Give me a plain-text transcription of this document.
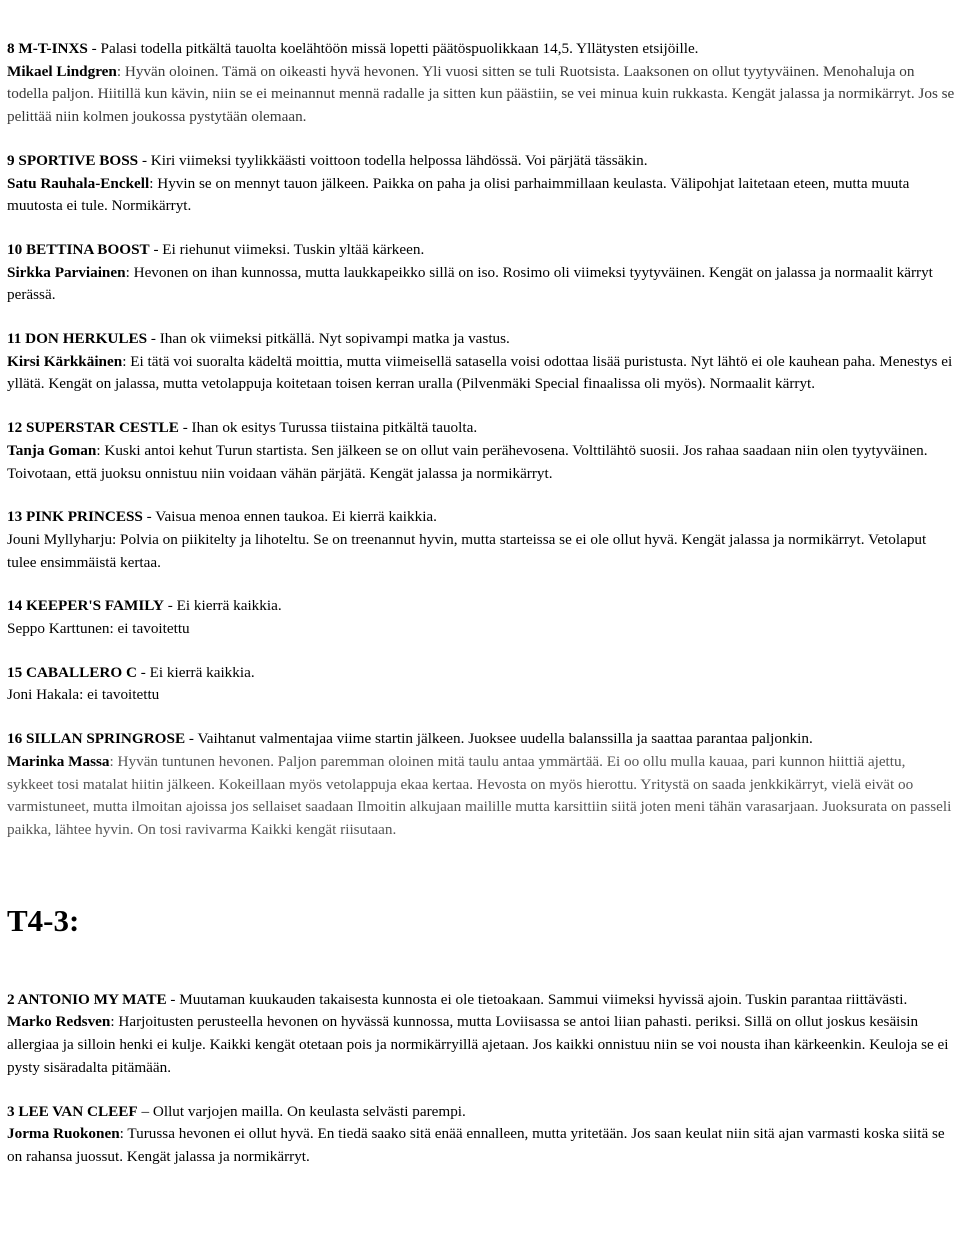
8 M-T-INXS - Palasi todella pitkältä tauolta koelähtöön missä lopetti päätöspuolikkaan 14,5. Yllätysten etsijöille.

Mikael Lindgren: Hyvän oloinen. Tämä on oikeasti hyvä hevonen. Yli vuosi sitten se tuli Ruotsista. Laaksonen on ollut tyytyväinen. Menohaluja on todella paljon. Hiitillä kun kävin, niin se ei meinannut mennä radalle ja sitten kun päästiin, se vei minua kuin rukkasta. Kengät jalassa ja normikärryt. Jos se pelittää niin kolmen joukossa pystytään olemaan.

9 SPORTIVE BOSS - Kiri viimeksi tyylikkäästi voittoon todella helpossa lähdössä. Voi pärjätä tässäkin.

Satu Rauhala-Enckell: Hyvin se on mennyt tauon jälkeen. Paikka on paha ja olisi parhaimmillaan keulasta. Välipohjat laitetaan eteen, mutta muuta muutosta ei tule. Normikärryt.

10 BETTINA BOOST - Ei riehunut viimeksi. Tuskin yltää kärkeen.

Sirkka Parviainen: Hevonen on ihan kunnossa, mutta laukkapeikko sillä on iso. Rosimo oli viimeksi tyytyväinen. Kengät on jalassa ja normaalit kärryt perässä.

11 DON HERKULES - Ihan ok viimeksi pitkällä. Nyt sopivampi matka ja vastus.

Kirsi Kärkkäinen: Ei tätä voi suoralta kädeltä moittia, mutta viimeisellä satasella voisi odottaa lisää puristusta. Nyt lähtö ei ole kauhean paha. Menestys ei yllätä. Kengät on jalassa, mutta vetolappuja koitetaan toisen kerran uralla (Pilvenmäki Special finaalissa oli myös). Normaalit kärryt.

12 SUPERSTAR CESTLE - Ihan ok esitys Turussa tiistaina pitkältä tauolta.

Tanja Goman: Kuski antoi kehut Turun startista. Sen jälkeen se on ollut vain perähevosena. Volttilähtö suosii. Jos rahaa saadaan niin olen tyytyväinen. Toivotaan, että juoksu onnistuu niin voidaan vähän pärjätä. Kengät jalassa ja normikärryt.

13 PINK PRINCESS - Vaisua menoa ennen taukoa. Ei kierrä kaikkia.

Jouni Myllyharju: Polvia on piikitelty ja lihoteltu. Se on treenannut hyvin, mutta starteissa se ei ole ollut hyvä. Kengät jalassa ja normikärryt. Vetolaput tulee ensimmäistä kertaa.

14 KEEPER'S FAMILY - Ei kierrä kaikkia.

Seppo Karttunen: ei tavoitettu

15 CABALLERO C - Ei kierrä kaikkia.

Joni Hakala: ei tavoitettu

16 SILLAN SPRINGROSE - Vaihtanut valmentajaa viime startin jälkeen. Juoksee uudella balanssilla ja saattaa parantaa paljonkin.

Marinka Massa: Hyvän tuntunen hevonen. Paljon paremman oloinen mitä taulu antaa ymmärtää. Ei oo ollu mulla kauaa, pari kunnon hiittiä ajettu, sykkeet tosi matalat hiitin jälkeen. Kokeillaan myös vetolappuja ekaa kertaa. Hevosta on myös hierottu. Yritystä on saada jenkkikärryt, vielä eivät oo varmistuneet, mutta ilmoitan ajoissa jos sellaiset saadaan Ilmoitin alkujaan mailille mutta karsittiin siitä joten meni tähän varasarjaan. Juoksurata on passeli paikka, lähtee hyvin. On tosi ravivarma Kaikki kengät riisutaan.

T4-3:

2 ANTONIO MY MATE - Muutaman kuukauden takaisesta kunnosta ei ole tietoakaan. Sammui viimeksi hyvissä ajoin. Tuskin parantaa riittävästi.

Marko Redsven: Harjoitusten perusteella hevonen on hyvässä kunnossa, mutta Loviisassa se antoi liian pahasti. periksi. Sillä on ollut joskus kesäisin allergiaa ja silloin henki ei kulje. Kaikki kengät otetaan pois ja normikärryillä ajetaan. Jos kaikki onnistuu niin se voi nousta ihan kärkeenkin. Keuloja se ei pysty sisäradalta pitämään.

3 LEE VAN CLEEF – Ollut varjojen mailla. On keulasta selvästi parempi.

Jorma Ruokonen: Turussa hevonen ei ollut hyvä. En tiedä saako sitä enää ennalleen, mutta yritetään. Jos saan keulat niin sitä ajan varmasti koska siitä se on rahansa juossut. Kengät jalassa ja normikärryt.
